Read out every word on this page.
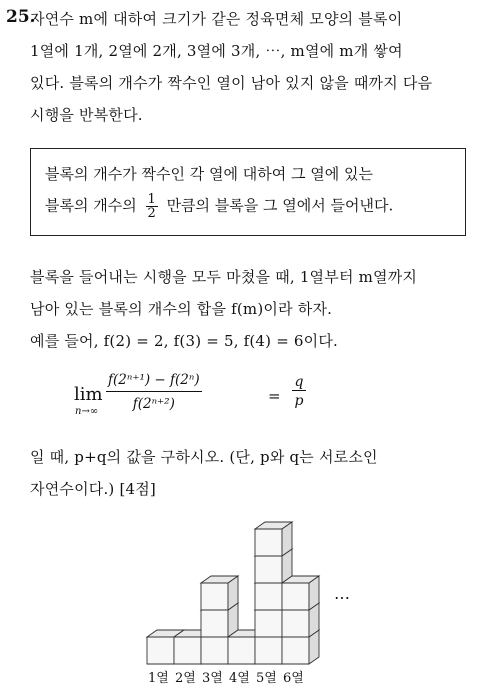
25.
자연수 m에 대하여 크기가 같은 정육면체 모양의 블록이
1열에 1개, 2열에 2개, 3열에 3개, ⋯, m열에 m개 쌓여
있다. 블록의 개수가 짝수인 열이 남아 있지 않을 때까지 다음
시행을 반복한다.
블록의 개수가 짝수인 각 열에 대하여 그 열에 있는
블록의 개수의 $\frac{1}{2}$ 만큼의 블록을 그 열에서 들어낸다.
블록을 들어내는 시행을 모두 마쳤을 때, 1열부터 m열까지
남아 있는 블록의 개수의 합을 f(m)이라 하자.
예를 들어, f(2) = 2, f(3) = 5, f(4) = 6이다.
lim
$n\to\infty \frac{\text{f(2ⁿ⁺¹) − f(2ⁿ)}}{\text{f(2ⁿ⁺²)}}$	= $\frac{q}{p}$
일 때, p+q의 값을 구하시오. (단, p와 q는 서로소인
자연수이다.) [4점]
⋯
1열 2열 3열 4열 5열 6열
